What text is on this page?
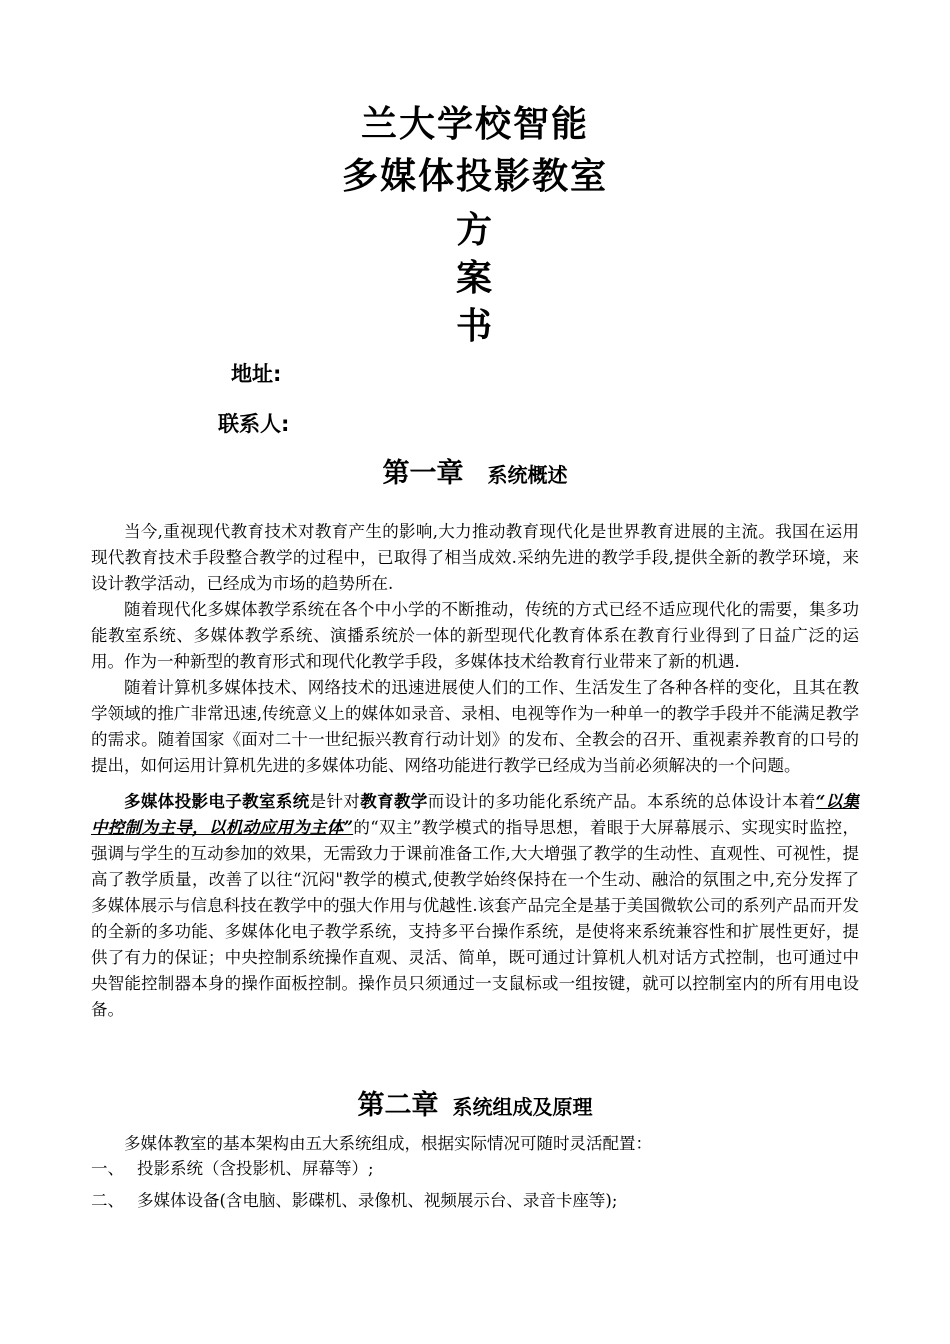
兰大学校智能
多媒体投影教室
方
案
书
地址:
联系人:
第一章 系统概述

当今,重视现代教育技术对教育产生的影响,大力推动教育现代化是世界教育进展的主流。我国在运用现代教育技术手段整合教学的过程中，已取得了相当成效.采纳先进的教学手段,提供全新的教学环境，来设计教学活动，已经成为市场的趋势所在.

随着现代化多媒体教学系统在各个中小学的不断推动，传统的方式已经不适应现代化的需要，集多功能教室系统、多媒体教学系统、演播系统於一体的新型现代化教育体系在教育行业得到了日益广泛的运用。作为一种新型的教育形式和现代化教学手段，多媒体技术给教育行业带来了新的机遇.

随着计算机多媒体技术、网络技术的迅速进展使人们的工作、生活发生了各种各样的变化，且其在教学领域的推广非常迅速,传统意义上的媒体如录音、录相、电视等作为一种单一的教学手段并不能满足教学的需求。随着国家《面对二十一世纪振兴教育行动计划》的发布、全教会的召开、重视素养教育的口号的提出，如何运用计算机先进的多媒体功能、网络功能进行教学已经成为当前必须解决的一个问题。

多媒体投影电子教室系统是针对教育教学而设计的多功能化系统产品。本系统的总体设计本着“以集中控制为主导，以机动应用为主体”的“双主”教学模式的指导思想，着眼于大屏幕展示、实现实时监控，强调与学生的互动参加的效果，无需致力于课前准备工作,大大增强了教学的生动性、直观性、可视性，提高了教学质量，改善了以往“沉闷"教学的模式,使教学始终保持在一个生动、融洽的氛围之中,充分发挥了多媒体展示与信息科技在教学中的强大作用与优越性.该套产品完全是基于美国微软公司的系列产品而开发的全新的多功能、多媒体化电子教学系统，支持多平台操作系统，是使将来系统兼容性和扩展性更好，提供了有力的保证；中央控制系统操作直观、灵活、简单，既可通过计算机人机对话方式控制，也可通过中央智能控制器本身的操作面板控制。操作员只须通过一支鼠标或一组按键，就可以控制室内的所有用电设备。

第二章 系统组成及原理

多媒体教室的基本架构由五大系统组成，根据实际情况可随时灵活配置：

一、 投影系统（含投影机、屏幕等）;
二、 多媒体设备(含电脑、影碟机、录像机、视频展示台、录音卡座等);
